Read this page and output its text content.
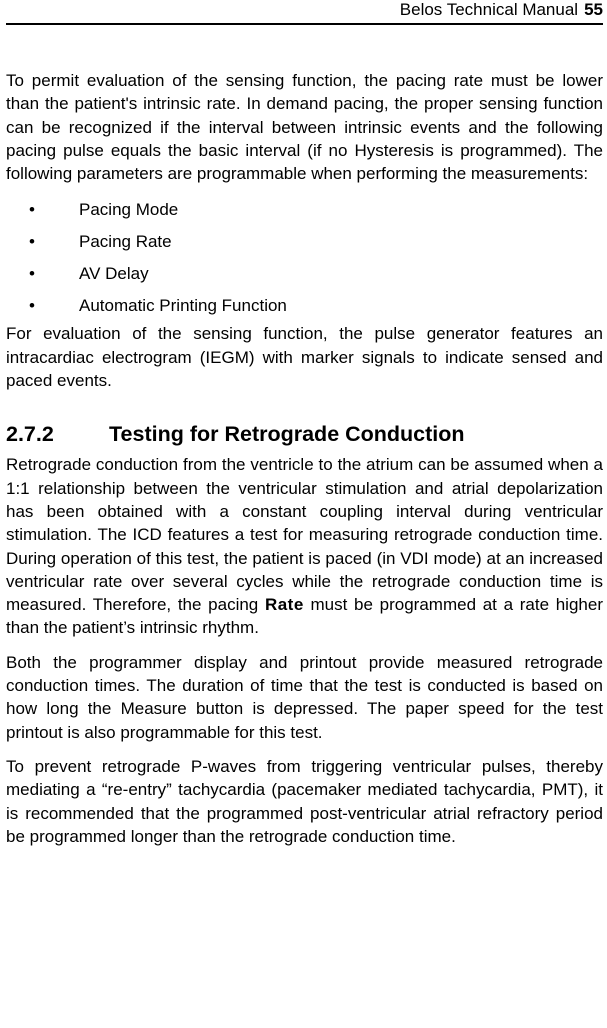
Belos Technical Manual 55

To permit evaluation of the sensing function, the pacing rate must be lower than the patient's intrinsic rate. In demand pacing, the proper sensing function can be recognized if the interval between intrinsic events and the following pacing pulse equals the basic interval (if no Hysteresis is programmed). The following parameters are programmable when performing the measurements:

•	Pacing Mode
•	Pacing Rate
•	AV Delay
•	Automatic Printing Function

For evaluation of the sensing function, the pulse generator features an intracardiac electrogram (IEGM) with marker signals to indicate sensed and paced events.

2.7.2	Testing for Retrograde Conduction

Retrograde conduction from the ventricle to the atrium can be assumed when a 1:1 relationship between the ventricular stimulation and atrial depolarization has been obtained with a constant coupling interval during ventricular stimulation. The ICD features a test for measuring retrograde conduction time. During operation of this test, the patient is paced (in VDI mode) at an increased ventricular rate over several cycles while the retrograde conduction time is measured. Therefore, the pacing Rate must be programmed at a rate higher than the patient’s intrinsic rhythm.

Both the programmer display and printout provide measured retrograde conduction times. The duration of time that the test is conducted is based on how long the Measure button is depressed. The paper speed for the test printout is also programmable for this test.

To prevent retrograde P-waves from triggering ventricular pulses, thereby mediating a “re-entry” tachycardia (pacemaker mediated tachycardia, PMT), it is recommended that the programmed post-ventricular atrial refractory period be programmed longer than the retrograde conduction time.
